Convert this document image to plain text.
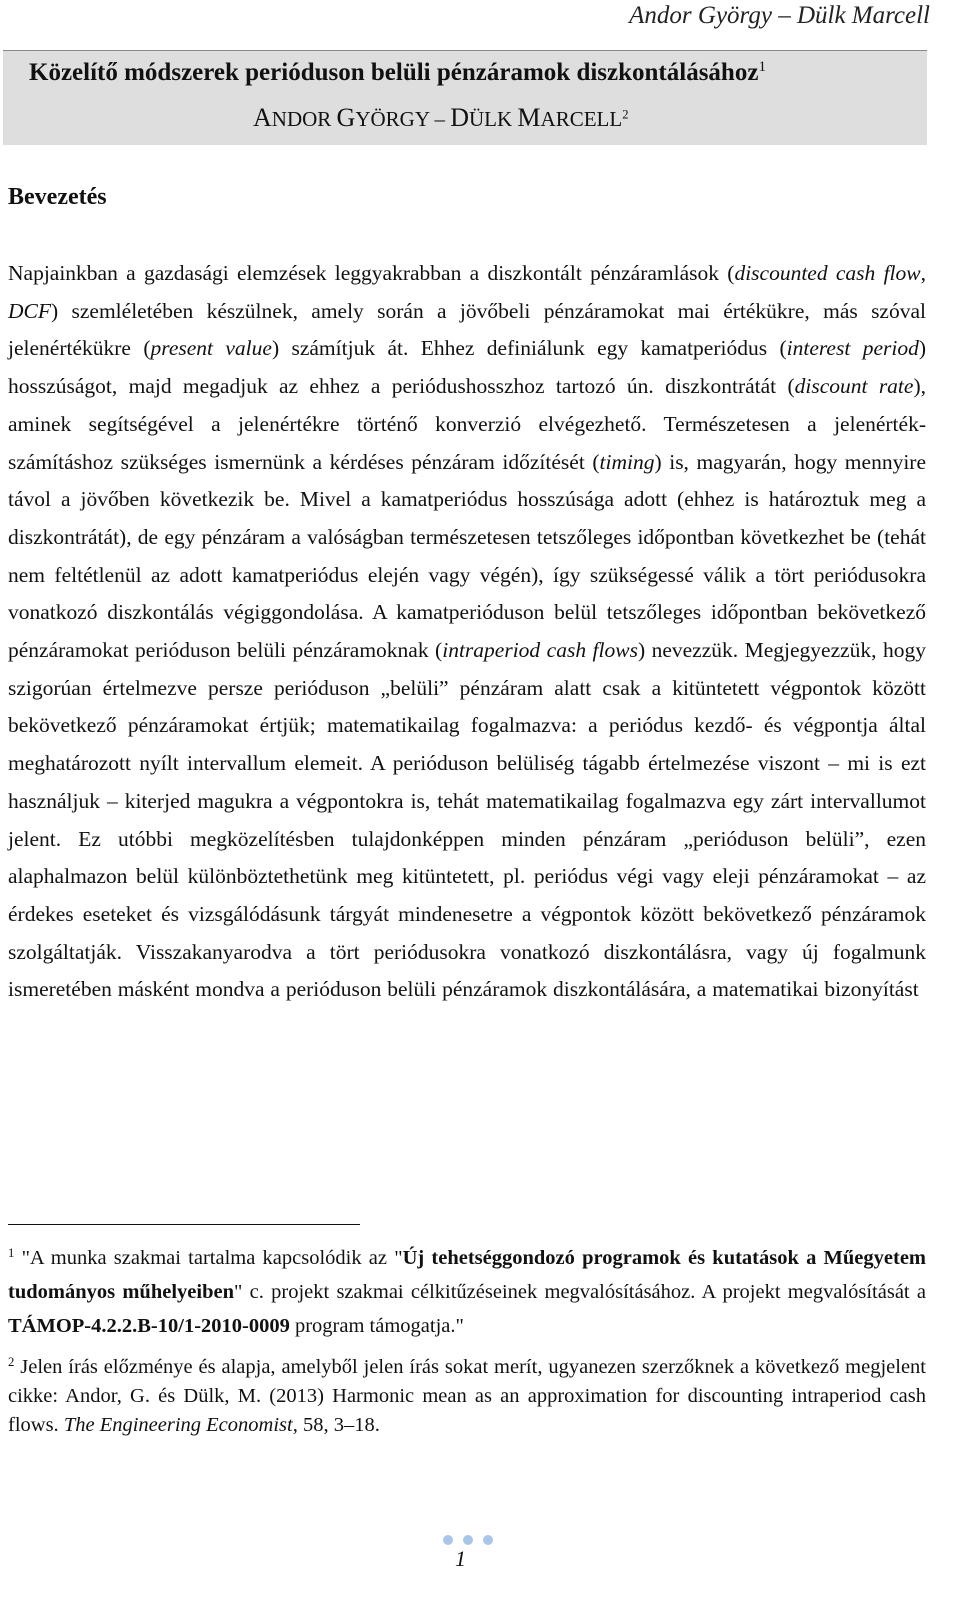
Andor György – Dülk Marcell
Közelítő módszerek perióduson belüli pénzáramok diszkontálásához$^1$
ANDOR GYÖRGY – DÜLK MARCELL$^2$
Bevezetés

Napjainkban a gazdasági elemzések leggyakrabban a diszkontált pénzáramlások (discounted cash flow, DCF) szemléletében készülnek, amely során a jövőbeli pénzáramokat mai értékükre, más szóval jelenértékükre (present value) számítjuk át. Ehhez definiálunk egy kamatperiódus (interest period) hosszúságot, majd megadjuk az ehhez a periódushosszhoz tartozó ún. diszkontrátát (discount rate), aminek segítségével a jelenértékre történő konverzió elvégezhető. Természetesen a jelenérték-számításhoz szükséges ismernünk a kérdéses pénzáram időzítését (timing) is, magyarán, hogy mennyire távol a jövőben következik be. Mivel a kamatperiódus hosszúsága adott (ehhez is határoztuk meg a diszkontrátát), de egy pénzáram a valóságban természetesen tetszőleges időpontban következhet be (tehát nem feltétlenül az adott kamatperiódus elején vagy végén), így szükségessé válik a tört periódusokra vonatkozó diszkontálás végiggondolása. A kamatperióduson belül tetszőleges időpontban bekövetkező pénzáramokat perióduson belüli pénzáramoknak (intraperiod cash flows) nevezzük. Megjegyezzük, hogy szigorúan értelmezve persze perióduson „belüli” pénzáram alatt csak a kitüntetett végpontok között bekövetkező pénzáramokat értjük; matematikailag fogalmazva: a periódus kezdő- és végpontja által meghatározott nyílt intervallum elemeit. A perióduson belüliség tágabb értelmezése viszont – mi is ezt használjuk – kiterjed magukra a végpontokra is, tehát matematikailag fogalmazva egy zárt intervallumot jelent. Ez utóbbi megközelítésben tulajdonképpen minden pénzáram „perióduson belüli”, ezen alaphalmazon belül különböztethetünk meg kitüntetett, pl. periódus végi vagy eleji pénzáramokat – az érdekes eseteket és vizsgálódásunk tárgyát mindenesetre a végpontok között bekövetkező pénzáramok szolgáltatják. Visszakanyarodva a tört periódusokra vonatkozó diszkontálásra, vagy új fogalmunk ismeretében másként mondva a perióduson belüli pénzáramok diszkontálására, a matematikai bizonyítást

$^1$ "A munka szakmai tartalma kapcsolódik az "Új tehetséggondozó programok és kutatások a Műegyetem tudományos műhelyeiben" c. projekt szakmai célkitűzéseinek megvalósításához. A projekt megvalósítását a TÁMOP-4.2.2.B-10/1-2010-0009 program támogatja."

$^2$ Jelen írás előzménye és alapja, amelyből jelen írás sokat merít, ugyanezen szerzőknek a következő megjelent cikke: Andor, G. és Dülk, M. (2013) Harmonic mean as an approximation for discounting intraperiod cash flows. The Engineering Economist, 58, 3–18.

1
